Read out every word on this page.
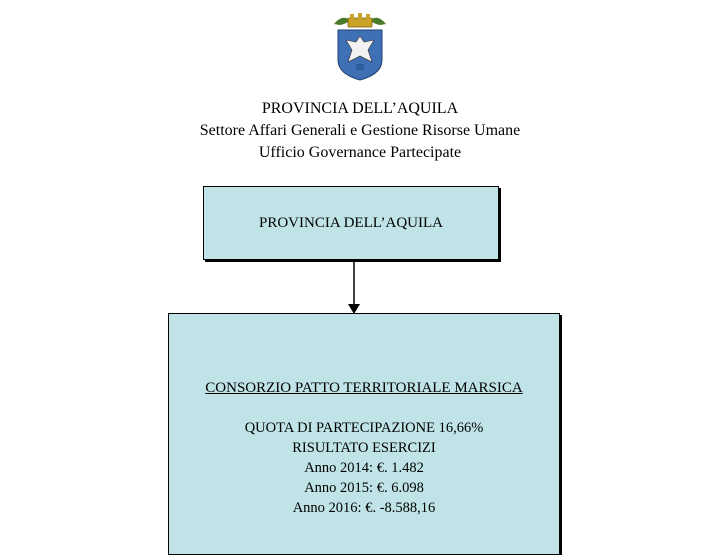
PROVINCIA DELL’AQUILA
Settore Affari Generali e Gestione Risorse Umane
Ufficio Governance Partecipate
PROVINCIA DELL’AQUILA
CONSORZIO PATTO TERRITORIALE MARSICA
QUOTA DI PARTECIPAZIONE 16,66%
RISULTATO ESERCIZI
Anno 2014: €. 1.482
Anno 2015: €. 6.098
Anno 2016: €. -8.588,16
